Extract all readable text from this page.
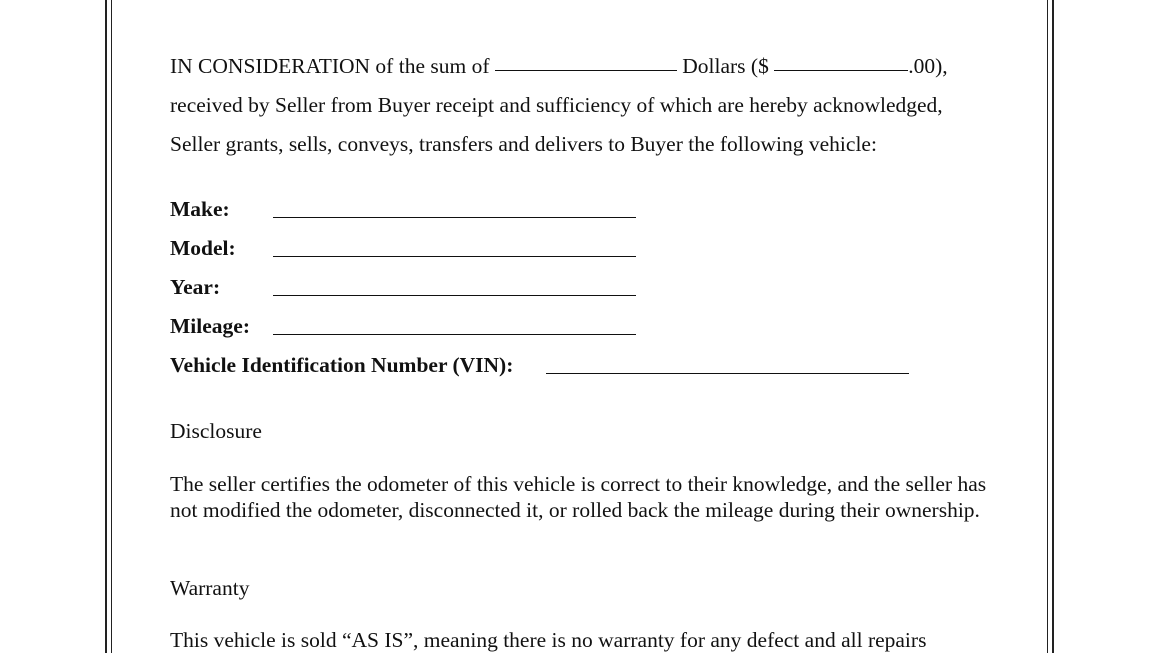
IN CONSIDERATION of the sum of	Dollars ($	.00),
received by Seller from Buyer receipt and sufficiency of which are hereby acknowledged,
Seller grants, sells, conveys, transfers and delivers to Buyer the following vehicle:
Make:
Model:
Year:
Mileage:
Vehicle Identification Number (VIN):
Disclosure
The seller certifies the odometer of this vehicle is correct to their knowledge, and the seller has not modified the odometer, disconnected it, or rolled back the mileage during their ownership.
Warranty
This vehicle is sold “AS IS”, meaning there is no warranty for any defect and all repairs
